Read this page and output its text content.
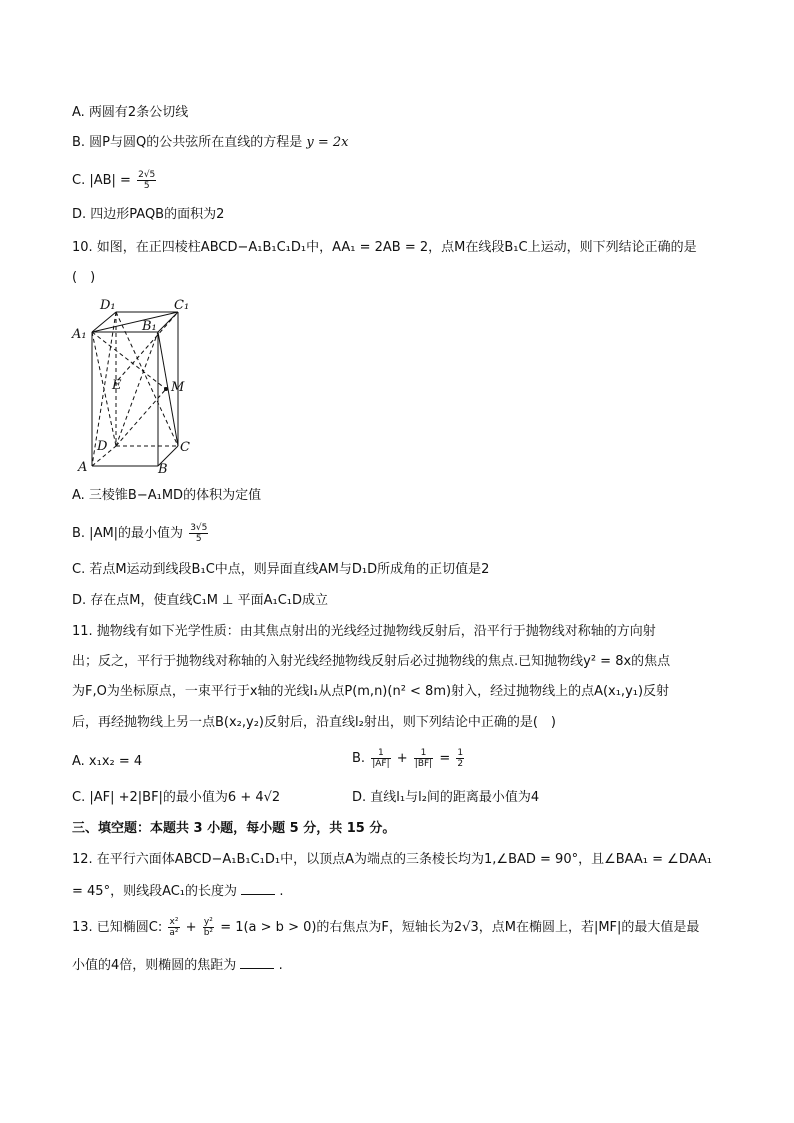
A. 两圆有2条公切线
B. 圆P与圆Q的公共弦所在直线的方程是 y = 2x
C. $|AB| = \frac{2√5}{5}$
D. 四边形PAQB的面积为2
10. 如图，在正四棱柱ABCD−A₁B₁C₁D₁中，AA₁ = 2AB = 2，点M在线段B₁C上运动，则下列结论正确的是
(　)
D₁	C₁
A₁
B₁
E	M
D	C
A	B
A. 三棱锥B−A₁MD的体积为定值
B. |AM|的最小值为 $\frac{3√5}{5}$
C. 若点M运动到线段B₁C中点，则异面直线AM与D₁D所成角的正切值是2
D. 存在点M，使直线C₁M ⊥ 平面A₁C₁D成立
11. 抛物线有如下光学性质：由其焦点射出的光线经过抛物线反射后，沿平行于抛物线对称轴的方向射
出；反之，平行于抛物线对称轴的入射光线经抛物线反射后必过抛物线的焦点.已知抛物线y² = 8x的焦点
为F,O为坐标原点，一束平行于x轴的光线l₁从点P(m,n)(n² < 8m)射入，经过抛物线上的点A(x₁,y₁)反射
后，再经抛物线上另一点B(x₂,y₂)反射后，沿直线l₂射出，则下列结论中正确的是(　)
A. x₁x₂ = 4	B. $\frac{1}{|AF|} + \frac{1}{|BF|} = \frac{1}{2}$
C. |AF| +2|BF|的最小值为6 + 4√2	D. 直线l₁与l₂间的距离最小值为4
三、填空题：本题共 3 小题，每小题 5 分，共 15 分。
12. 在平行六面体ABCD−A₁B₁C₁D₁中，以顶点A为端点的三条棱长均为1,∠BAD = 90°，且∠BAA₁ = ∠DAA₁
= 45°，则线段AC₁的长度为	.
13. 已知椭圆C: $\frac{\text{x²}}{\text{a²}} + \frac{\text{y²}}{\text{b²}} = 1(a > b > 0)$的右焦点为F，短轴长为2√3，点M在椭圆上，若|MF|的最大值是最
小值的4倍，则椭圆的焦距为	.
